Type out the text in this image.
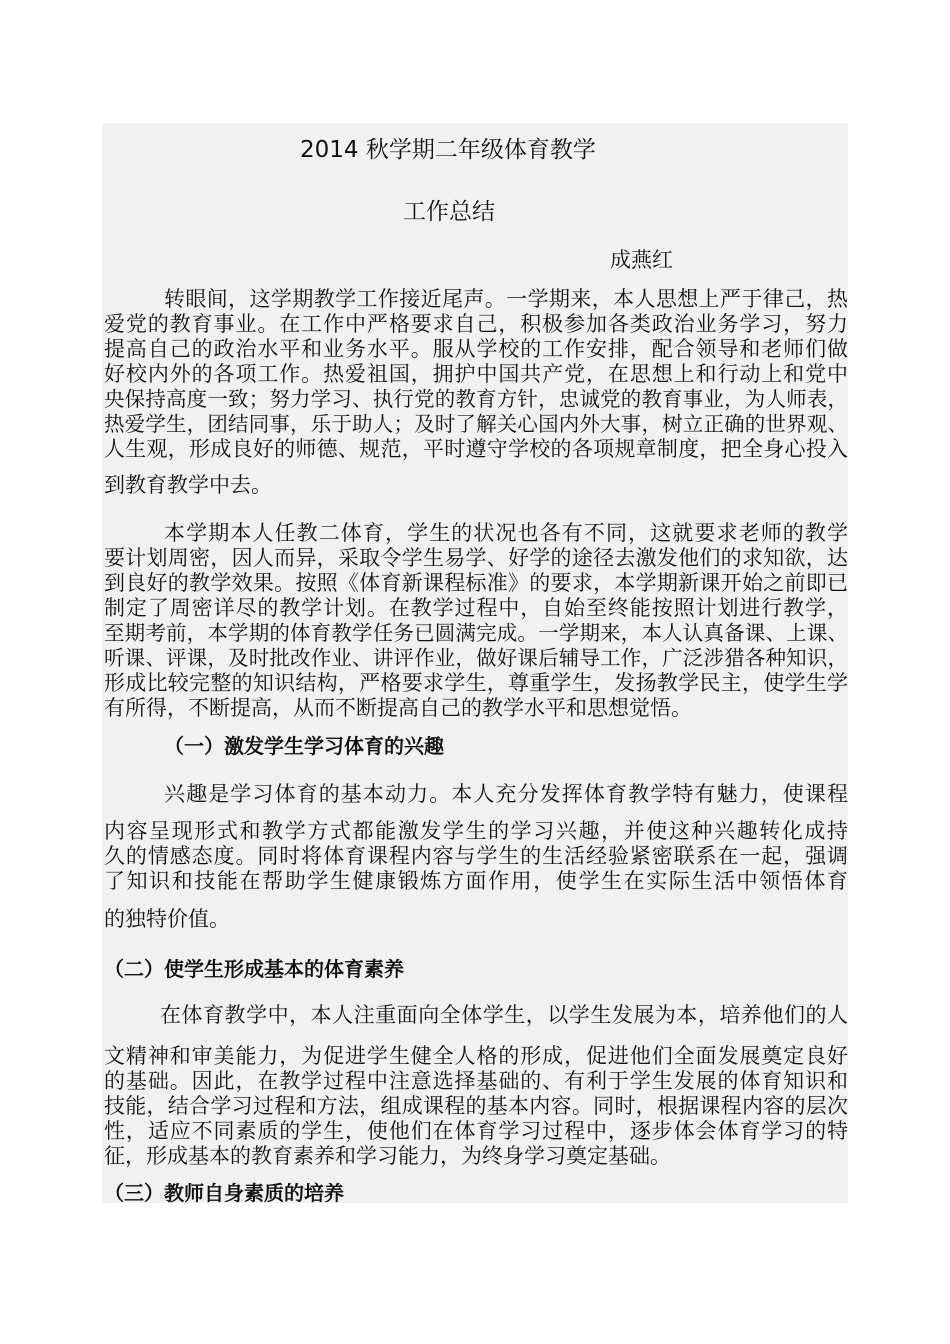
2014 秋学期二年级体育教学
工作总结
成燕红
转眼间，这学期教学工作接近尾声。一学期来，本人思想上严于律己，热
爱党的教育事业。在工作中严格要求自己，积极参加各类政治业务学习，努力
提高自己的政治水平和业务水平。服从学校的工作安排，配合领导和老师们做
好校内外的各项工作。热爱祖国，拥护中国共产党，在思想上和行动上和党中
央保持高度一致；努力学习、执行党的教育方针，忠诚党的教育事业，为人师表，
热爱学生，团结同事，乐于助人；及时了解关心国内外大事，树立正确的世界观、
人生观，形成良好的师德、规范，平时遵守学校的各项规章制度，把全身心投入
到教育教学中去。
本学期本人任教二体育，学生的状况也各有不同，这就要求老师的教学
要计划周密，因人而异，采取令学生易学、好学的途径去激发他们的求知欲，达
到良好的教学效果。按照《体育新课程标准》的要求，本学期新课开始之前即已
制定了周密详尽的教学计划。在教学过程中，自始至终能按照计划进行教学，
至期考前，本学期的体育教学任务已圆满完成。一学期来，本人认真备课、上课、
听课、评课，及时批改作业、讲评作业，做好课后辅导工作，广泛涉猎各种知识，
形成比较完整的知识结构，严格要求学生，尊重学生，发扬教学民主，使学生学
有所得，不断提高，从而不断提高自己的教学水平和思想觉悟。
（一）激发学生学习体育的兴趣
兴趣是学习体育的基本动力。本人充分发挥体育教学特有魅力，使课程
内容呈现形式和教学方式都能激发学生的学习兴趣，并使这种兴趣转化成持
久的情感态度。同时将体育课程内容与学生的生活经验紧密联系在一起，强调
了知识和技能在帮助学生健康锻炼方面作用，使学生在实际生活中领悟体育
的独特价值。
（二）使学生形成基本的体育素养
在体育教学中，本人注重面向全体学生，以学生发展为本，培养他们的人
文精神和审美能力，为促进学生健全人格的形成，促进他们全面发展奠定良好
的基础。因此，在教学过程中注意选择基础的、有利于学生发展的体育知识和
技能，结合学习过程和方法，组成课程的基本内容。同时，根据课程内容的层次
性，适应不同素质的学生，使他们在体育学习过程中，逐步体会体育学习的特
征，形成基本的教育素养和学习能力，为终身学习奠定基础。
（三）教师自身素质的培养
